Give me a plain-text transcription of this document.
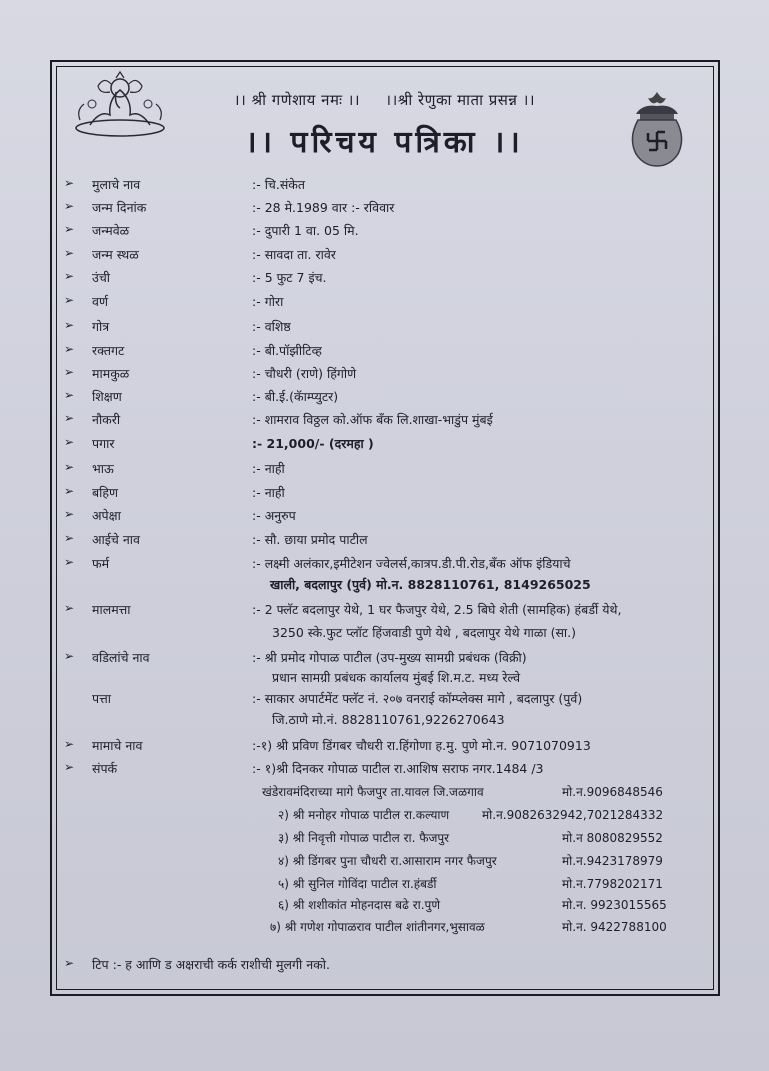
।। श्री गणेशाय नमः ।। ।।श्री रेणुका माता प्रसन्न ।।
।। परिचय पत्रिका ।।
➢	मुलाचे नाव	:- चि.संकेत
➢	जन्म दिनांक	:- 28 मे.1989 वार :- रविवार
➢	जन्मवेळ	:- दुपारी 1 वा. 05 मि.
➢	जन्म स्थळ	:- सावदा ता. रावेर
➢	उंची	:- 5 फुट 7 इंच.
➢	वर्ण	:- गोरा
➢	गोत्र	:- वशिष्ठ
➢	रक्तगट	:- बी.पॉझीटिव्ह
➢	मामकुळ	:- चौधरी (राणे) हिंगोणे
➢	शिक्षण	:- बी.ई.(कॅाम्प्युटर)
➢	नौकरी	:- शामराव विठ्ठल को.ऑफ बँक लि.शाखा-भाडुंप मुंबई
➢	पगार	:- 21,000/- (दरमहा )
➢	भाऊ	:- नाही
➢	बहिण	:- नाही
➢	अपेक्षा	:- अनुरुप
➢	आईचे नाव	:- सौ. छाया प्रमोद पाटील
➢	फर्म	:- लक्ष्मी अलंकार,इमीटेशन ज्वेलर्स,कात्रप.डी.पी.रोड,बँक ऑफ इंडियाचे
खाली, बदलापुर (पुर्व) मो.न. 8828110761, 8149265025
➢	मालमत्ता	:- 2 फ्लॅट बदलापुर येथे, 1 घर फैजपुर येथे, 2.5 बिघे शेती (सामहिक) हंबर्डी येथे,
3250 स्के.फुट प्लॉट हिंजवाडी पुणे येथे , बदलापुर येथे गाळा (सा.)
➢	वडिलांचे नाव	:- श्री प्रमोद गोपाळ पाटील (उप-मुख्य सामग्री प्रबंधक (विक्री)
प्रधान सामग्री प्रबंधक कार्यालय मुंबई शि.म.ट. मध्य रेल्वे
पत्ता	:- साकार अपार्टमेंट फ्लॅट नं. २०७ वनराई कॉम्प्लेक्स मागे , बदलापुर (पुर्व)
जि.ठाणे मो.नं. 8828110761,9226270643
➢	मामाचे नाव	:-१) श्री प्रविण डिंगबर चौधरी रा.हिंगोणा ह.मु. पुणे मो.न. 9071070913
➢	संपर्क	:- १)श्री दिनकर गोपाळ पाटील रा.आशिष सराफ नगर.1484 /3
खंडेरावमंदिराच्या मागे फैजपुर ता.यावल जि.जळगाव	मो.न.9096848546
२) श्री मनोहर गोपाळ पाटील रा.कल्याण	मो.न.9082632942,7021284332
३) श्री निवृत्ती गोपाळ पाटील रा. फैजपुर	मो.न 8080829552
४) श्री डिंगबर पुना चौधरी रा.आसाराम नगर फैजपुर	मो.न.9423178979
५) श्री सुनिल गोविंदा पाटील रा.हंबर्डी	मो.न.7798202171
६) श्री शशीकांत मोहनदास बढे रा.पुणे	मो.न. 9923015565
७) श्री गणेश गोपाळराव पाटील शांतीनगर,भुसावळ	मो.न. 9422788100
➢	टिप :- ह आणि ड अक्षराची कर्क राशीची मुलगी नको.
